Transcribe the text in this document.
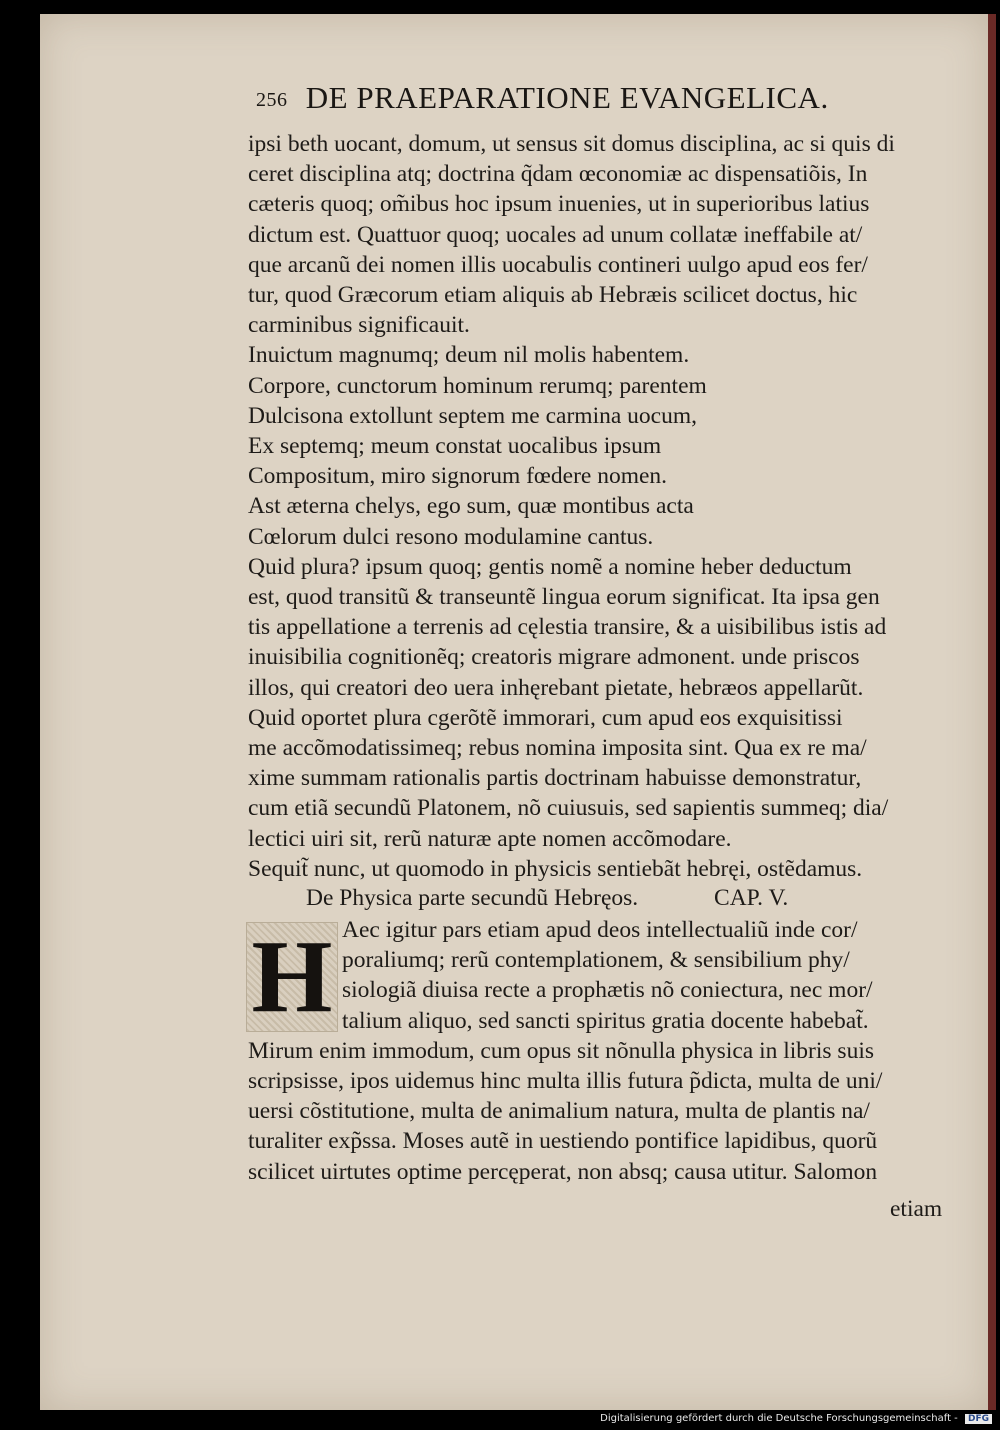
256 DE PRAEPARATIONE EVANGELICA.
ipsi beth uocant, domum, ut sensus sit domus disciplina, ac si quis di
ceret disciplina atq; doctrina q̃dam œconomiæ ac dispensatiõis, In
cæteris quoq; om̃ibus hoc ipsum inuenies, ut in superioribus latius
dictum est. Quattuor quoq; uocales ad unum collatæ ineffabile at/
que arcanũ dei nomen illis uocabulis contineri uulgo apud eos fer/
tur, quod Græcorum etiam aliquis ab Hebræis scilicet doctus, hic
carminibus significauit.
Inuictum magnumq; deum nil molis habentem.
Corpore, cunctorum hominum rerumq; parentem
Dulcisona extollunt septem me carmina uocum,
Ex septemq; meum constat uocalibus ipsum
Compositum, miro signorum fœdere nomen.
Ast æterna chelys, ego sum, quæ montibus acta
Cœlorum dulci resono modulamine cantus.
Quid plura? ipsum quoq; gentis nomẽ a nomine heber deductum
est, quod transitũ & transeuntẽ lingua eorum significat. Ita ipsa gen
tis appellatione a terrenis ad cęlestia transire, & a uisibilibus istis ad
inuisibilia cognitionẽq; creatoris migrare admonent. unde priscos
illos, qui creatori deo uera inhęrebant pietate, hebræos appellarũt.
Quid oportet plura cgerõtẽ immorari, cum apud eos exquisitissi
me accõmodatissimeq; rebus nomina imposita sint. Qua ex re ma/
xime summam rationalis partis doctrinam habuisse demonstratur,
cum etiã secundũ Platonem, nõ cuiusuis, sed sapientis summeq; dia/
lectici uiri sit, rerũ naturæ apte nomen accõmodare.
Sequit̃ nunc, ut quomodo in physicis sentiebãt hebręi, ostẽdamus.
De Physica parte secundũ Hebręos.	CAP. V.
H Aec igitur pars etiam apud deos intellectualiũ inde cor/
poraliumq; rerũ contemplationem, & sensibilium phy/
siologiã diuisa recte a prophætis nõ coniectura, nec mor/
talium aliquo, sed sancti spiritus gratia docente habebat̃.
Mirum enim immodum, cum opus sit nõnulla physica in libris suis
scripsisse, ipos uidemus hinc multa illis futura p̃dicta, multa de uni/
uersi cõstitutione, multa de animalium natura, multa de plantis na/
turaliter exp̃ssa. Moses autẽ in uestiendo pontifice lapidibus, quorũ
scilicet uirtutes optime percęperat, non absq; causa utitur. Salomon
etiam
Digitalisierung gefördert durch die Deutsche Forschungsgemeinschaft - DFG
